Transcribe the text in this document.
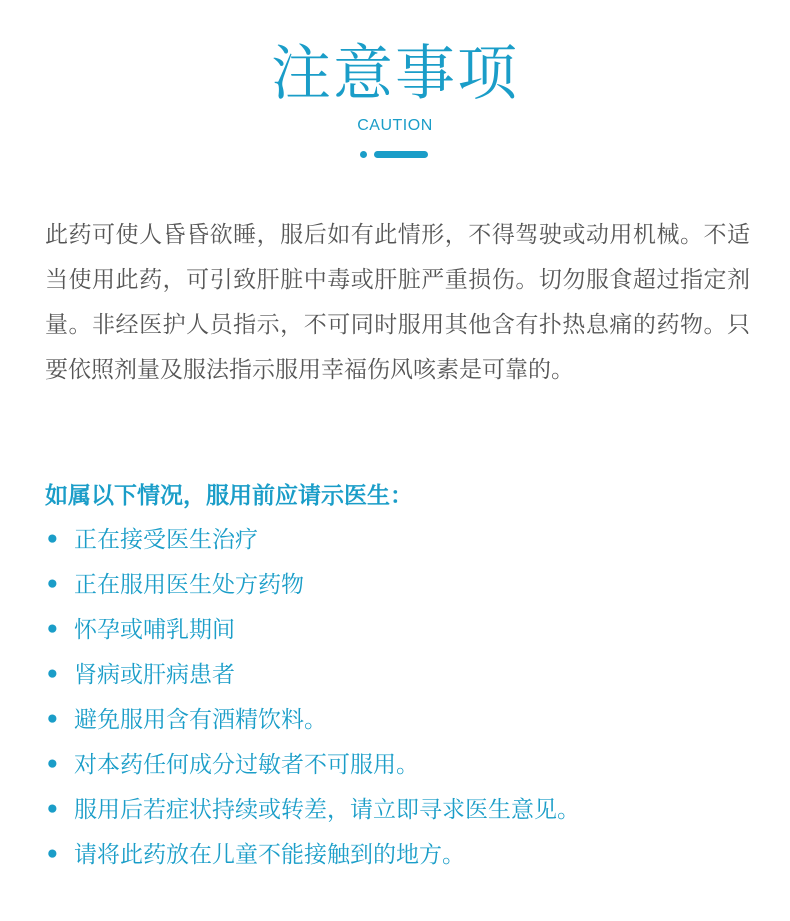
注意事项
CAUTION

此药可使人昏昏欲睡，服后如有此情形，不得驾驶或动用机械。不适当使用此药，可引致肝脏中毒或肝脏严重损伤。切勿服食超过指定剂量。非经医护人员指示，不可同时服用其他含有扑热息痛的药物。只要依照剂量及服法指示服用幸福伤风咳素是可靠的。

如属以下情况，服用前应请示医生：
• 正在接受医生治疗
• 正在服用医生处方药物
• 怀孕或哺乳期间
• 肾病或肝病患者
• 避免服用含有酒精饮料。
• 对本药任何成分过敏者不可服用。
• 服用后若症状持续或转差，请立即寻求医生意见。
• 请将此药放在儿童不能接触到的地方。
